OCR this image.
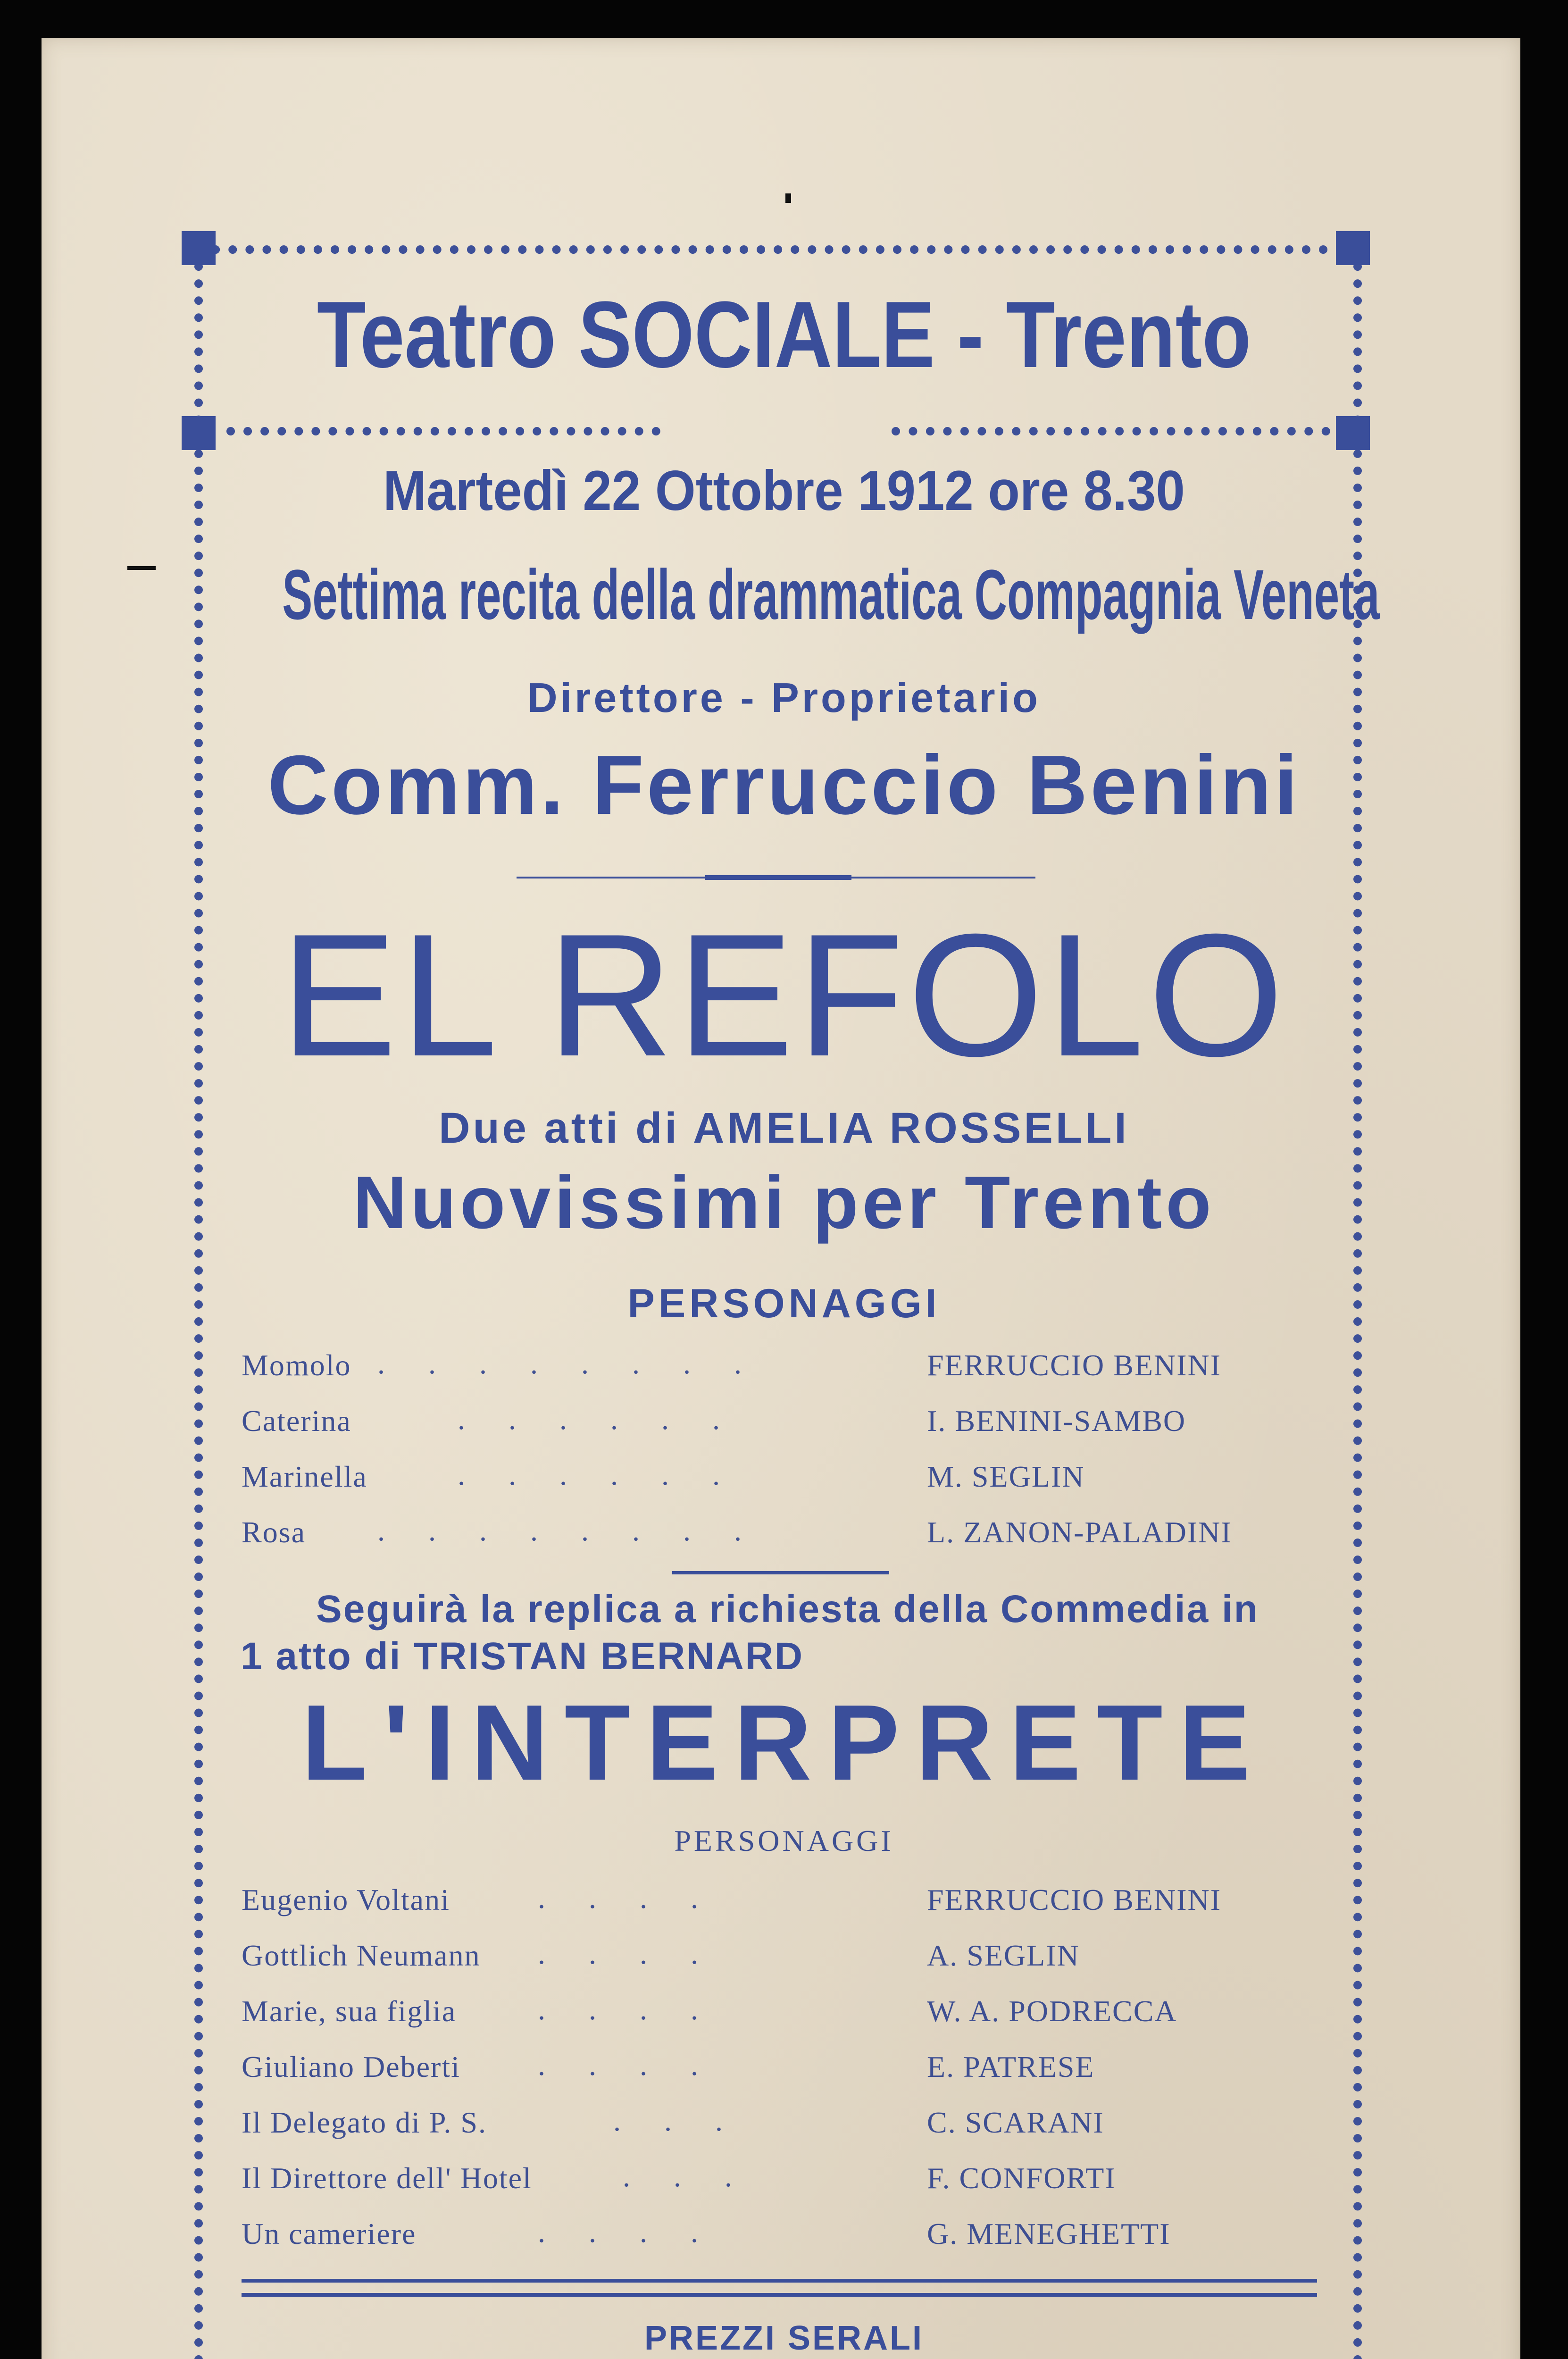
Teatro SOCIALE - Trento
Martedì 22 Ottobre 1912 ore 8.30
Settima recita della drammatica Compagnia Veneta
Direttore - Proprietario
Comm. Ferruccio Benini
EL REFOLO
Due atti di AMELIA ROSSELLI
Nuovissimi per Trento
PERSONAGGI
Momolo ........	FERRUCCIO BENINI
Caterina	......	I. BENINI-SAMBO
Marinella	......	M. SEGLIN
Rosa ........	L. ZANON-PALADINI
Seguirà la replica a richiesta della Commedia in
1 atto di TRISTAN BERNARD
L'INTERPRETE
PERSONAGGI
Eugenio Voltani	....	FERRUCCIO BENINI
Gottlich Neumann ....	A. SEGLIN
Marie, sua figlia	....	W. A. PODRECCA
Giuliano Deberti	....	E. PATRESE
Il Delegato di P. S.	...	C. SCARANI
Il Direttore dell' Hotel	...	F. CONFORTI
Un cameriere	....	G. MENEGHETTI
PREZZI SERALI
